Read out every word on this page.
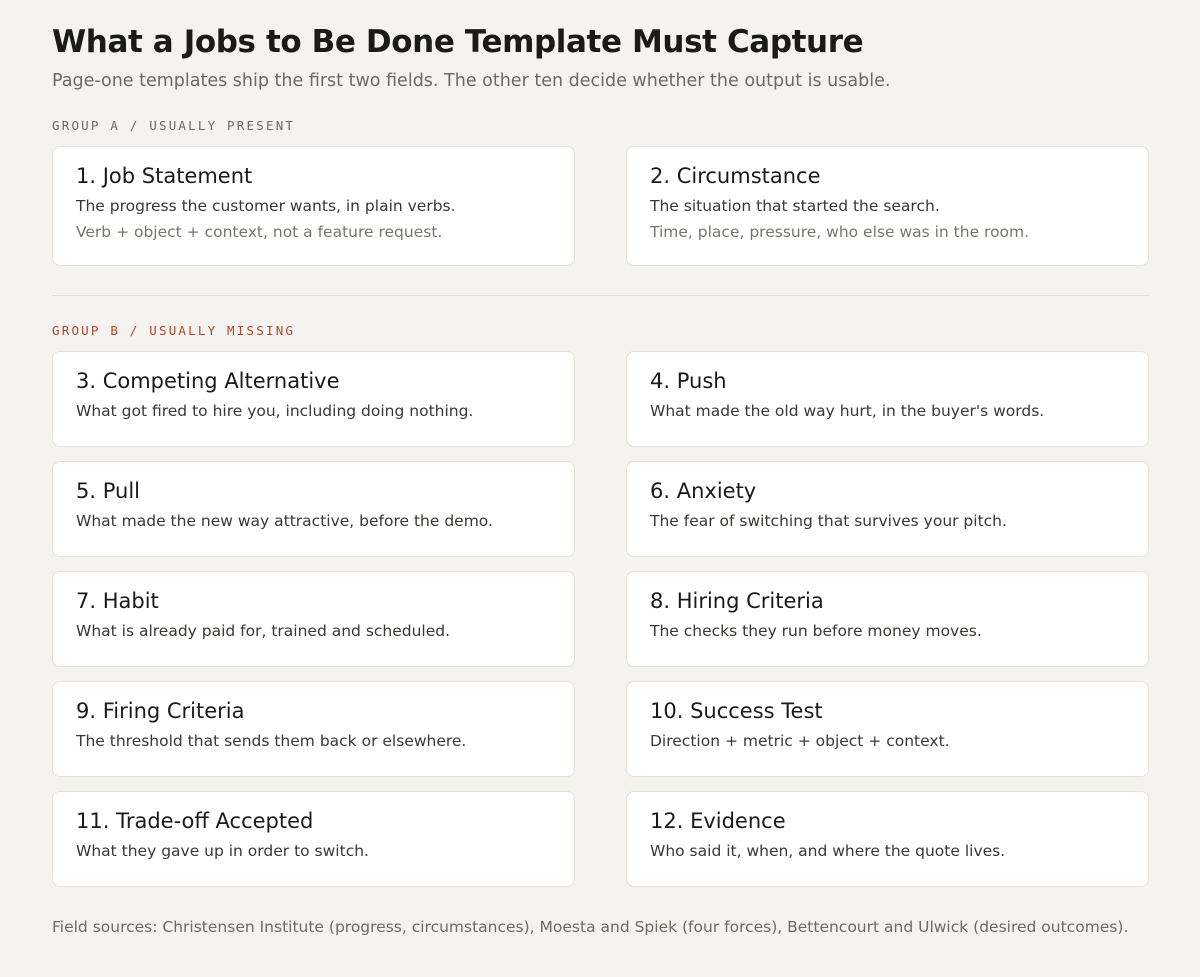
What a Jobs to Be Done Template Must Capture

Page-one templates ship the first two fields. The other ten decide whether the output is usable.

GROUP A / USUALLY PRESENT
1. Job Statement
The progress the customer wants, in plain verbs.
Verb + object + context, not a feature request.
2. Circumstance
The situation that started the search.
Time, place, pressure, who else was in the room.
GROUP B / USUALLY MISSING
3. Competing Alternative
What got fired to hire you, including doing nothing.
4. Push
What made the old way hurt, in the buyer's words.
5. Pull
What made the new way attractive, before the demo.
6. Anxiety
The fear of switching that survives your pitch.
7. Habit
What is already paid for, trained and scheduled.
8. Hiring Criteria
The checks they run before money moves.
9. Firing Criteria
The threshold that sends them back or elsewhere.
10. Success Test
Direction + metric + object + context.
11. Trade-off Accepted
What they gave up in order to switch.
12. Evidence
Who said it, when, and where the quote lives.

Field sources: Christensen Institute (progress, circumstances), Moesta and Spiek (four forces), Bettencourt and Ulwick (desired outcomes).
